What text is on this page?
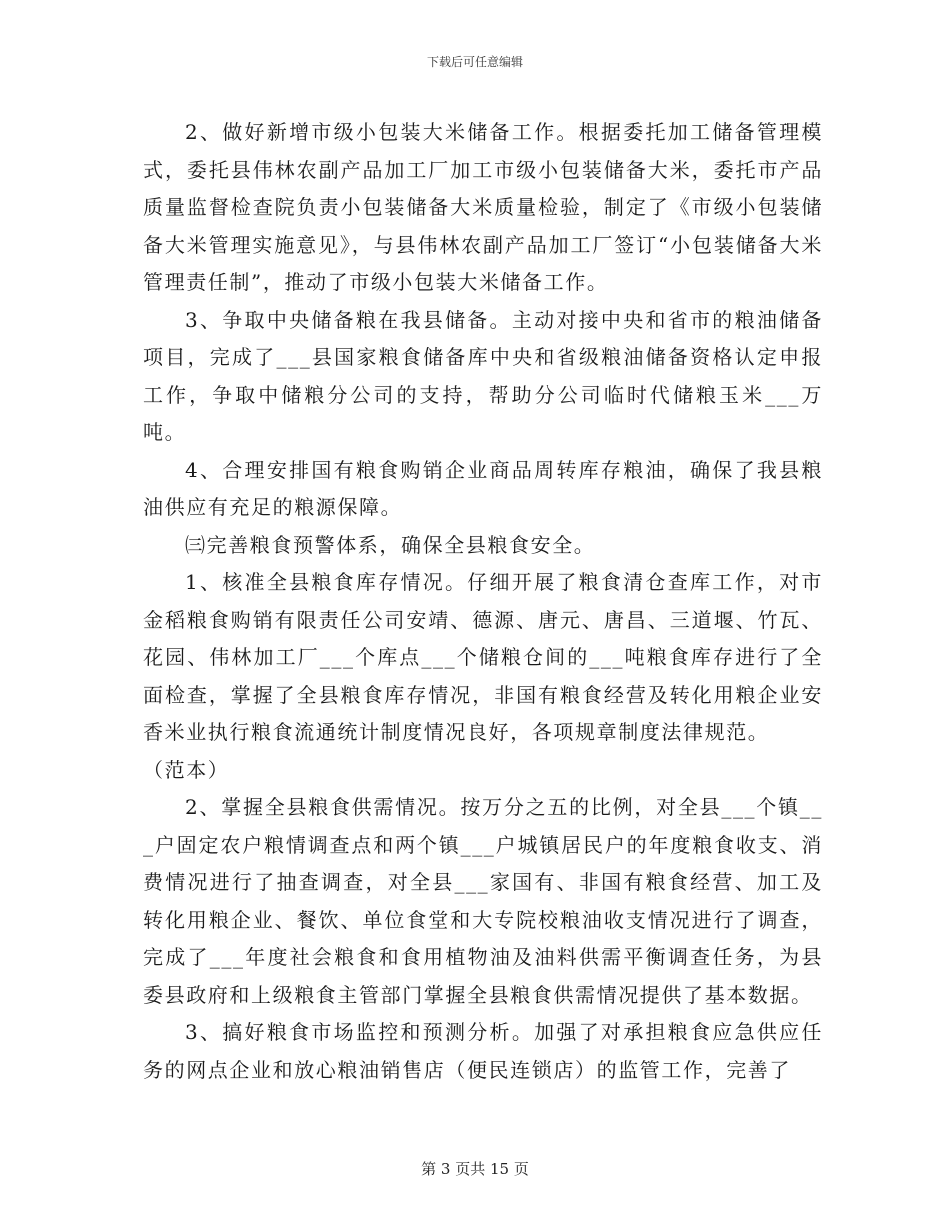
下载后可任意编辑

2、做好新增市级小包装大米储备工作。根据委托加工储备管理模式，委托县伟林农副产品加工厂加工市级小包装储备大米，委托市产品质量监督检查院负责小包装储备大米质量检验，制定了《市级小包装储备大米管理实施意见》，与县伟林农副产品加工厂签订“小包装储备大米管理责任制”，推动了市级小包装大米储备工作。

3、争取中央储备粮在我县储备。主动对接中央和省市的粮油储备项目，完成了___县国家粮食储备库中央和省级粮油储备资格认定申报工作，争取中储粮分公司的支持，帮助分公司临时代储粮玉米___万吨。

4、合理安排国有粮食购销企业商品周转库存粮油，确保了我县粮油供应有充足的粮源保障。

㈢完善粮食预警体系，确保全县粮食安全。

1、核准全县粮食库存情况。仔细开展了粮食清仓查库工作，对市金稻粮食购销有限责任公司安靖、德源、唐元、唐昌、三道堰、竹瓦、花园、伟林加工厂___个库点___个储粮仓间的___吨粮食库存进行了全面检查，掌握了全县粮食库存情况，非国有粮食经营及转化用粮企业安香米业执行粮食流通统计制度情况良好，各项规章制度法律规范。

（范本）

2、掌握全县粮食供需情况。按万分之五的比例，对全县___个镇___户固定农户粮情调查点和两个镇___户城镇居民户的年度粮食收支、消费情况进行了抽查调查，对全县___家国有、非国有粮食经营、加工及转化用粮企业、餐饮、单位食堂和大专院校粮油收支情况进行了调查，完成了___年度社会粮食和食用植物油及油料供需平衡调查任务，为县委县政府和上级粮食主管部门掌握全县粮食供需情况提供了基本数据。

3、搞好粮食市场监控和预测分析。加强了对承担粮食应急供应任务的网点企业和放心粮油销售店（便民连锁店）的监管工作，完善了

第 3 页共 15 页
